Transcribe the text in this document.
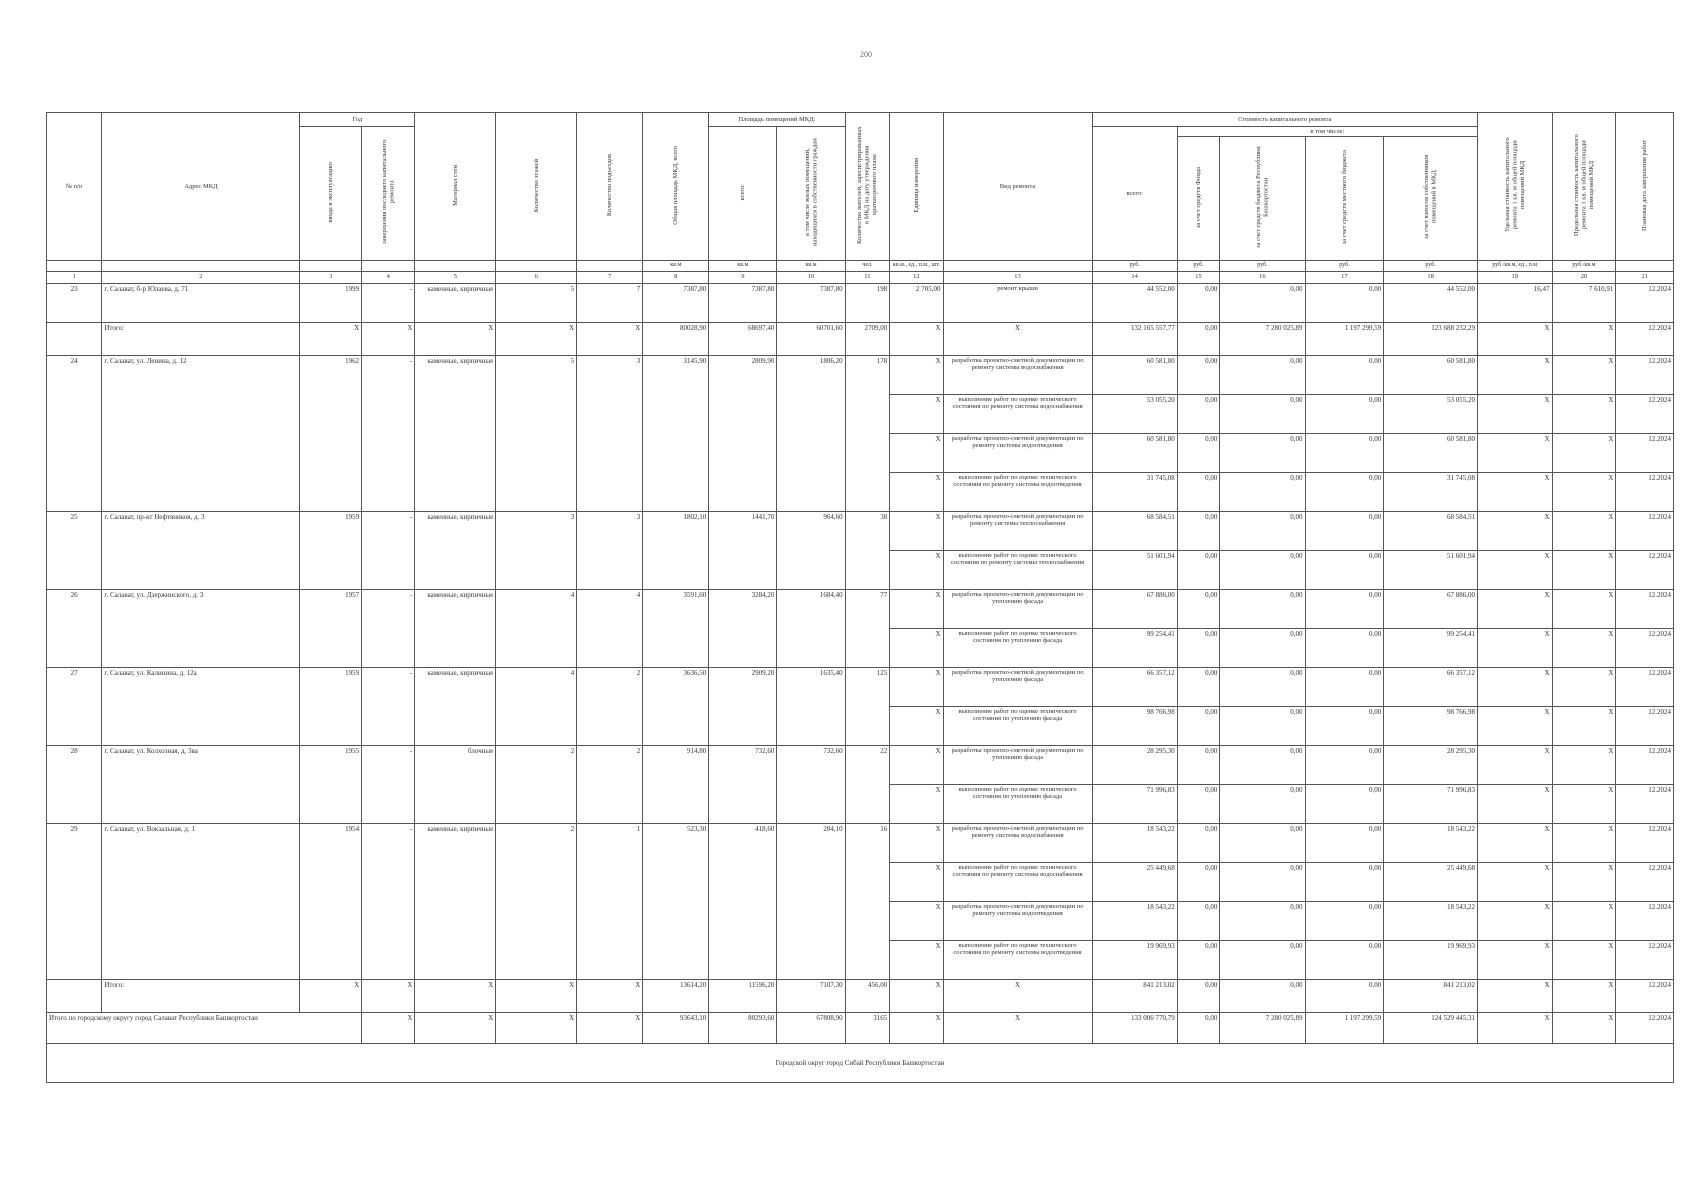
200
№ п/п	Адрес МКД	Год		Материал стен	Количество этажей	Количество подъездов	Общая площадь МКД, всего	Площадь помещений МКД:		Количество жителей, зарегистрированных в МКД на дату утверждения краткосрочного плана	Единица измерения	Вид ремонта	Стоимость капитального ремонта					Удельная стоимость капитального ремонта 1 кв. м общей площади помещений МКД	Предельная стоимость капитального ремонта 1 кв. м общей площади помещений МКД	Плановая дата завершения работ
		ввода в эксплуатацию	завершения последнего капитального ремонта					всего:	в том числе жилых помещений, находящихся в собственности граждан				всего:	в том числе:						
														за счет средств Фонда	за счет средств бюджета Республики Башкортостан	за счет средств местного бюджета	за счет взносов собственников помещений в МКД			
							кв.м	кв.м	кв.м	чел.	кв.м., ед., п.м., шт.		руб.	руб.	руб.	руб.	руб.	руб./кв.м, ед., п.м	руб./кв.м	
1	2	3	4	5	6	7	8	9	10	11	12	13	14	15	16	17	18	19	20	21
23	г. Салават, б-р Юлаева, д. 71	1999	-	каменные, кирпичные	5	7	7387,80	7387,80	7387,80	198	2 705,00	ремонт крыши	44 552,00	0,00	0,00	0,00	44 552,00	16,47	7 610,91	12.2024
	Итого:	X	X	X	X	X	80028,90	68697,40	60701,60	2709,00	X	X	132 165 557,77	0,00	7 280 025,89	1 197 299,59	123 688 232,29	X	X	12.2024
24	г. Салават, ул. Ленина, д. 12	1962	-	каменные, кирпичные	5	3	3145,90	2809,90	1806,20	178	X	разработка проектно-сметной документации по ремонту системы водоснабжения	60 581,80	0,00	0,00	0,00	60 581,80	X	X	12.2024
											X	выполнение работ по оценке технического состояния по ремонту системы водоснабжения	53 055,20	0,00	0,00	0,00	53 055,20	X	X	12.2024
											X	разработка проектно-сметной документации по ремонту системы водоотведения	60 581,80	0,00	0,00	0,00	60 581,80	X	X	12.2024
											X	выполнение работ по оценке технического состояния по ремонту системы водоотведения	31 745,08	0,00	0,00	0,00	31 745,08	X	X	12.2024
25	г. Салават, пр-кт Нефтяников, д. 3	1959	-	каменные, кирпичные	3	3	1802,10	1441,70	964,60	38	X	разработка проектно-сметной документации по ремонту системы теплоснабжения	68 584,51	0,00	0,00	0,00	68 584,51	X	X	12.2024
											X	выполнение работ по оценке технического состояния по ремонту системы теплоснабжения	51 601,94	0,00	0,00	0,00	51 601,94	X	X	12.2024
26	г. Салават, ул. Дзержинского, д. 3	1957	-	каменные, кирпичные	4	4	3591,60	3284,20	1684,40	77	X	разработка проектно-сметной документации по утеплению фасада	67 886,00	0,00	0,00	0,00	67 886,00	X	X	12.2024
											X	выполнение работ по оценке технического состояния по утеплению фасада	99 254,41	0,00	0,00	0,00	99 254,41	X	X	12.2024
27	г. Салават, ул. Калинина, д. 12а	1959	-	каменные, кирпичные	4	2	3636,50	2909,20	1635,40	125	X	разработка проектно-сметной документации по утеплению фасада	66 357,12	0,00	0,00	0,00	66 357,12	X	X	12.2024
											X	выполнение работ по оценке технического состояния по утеплению фасада	98 766,98	0,00	0,00	0,00	98 766,98	X	X	12.2024
28	г. Салават, ул. Колхозная, д. 3ва	1955	-	блочные	2	2	914,80	732,60	732,60	22	X	разработка проектно-сметной документации по утеплению фасада	28 295,30	0,00	0,00	0,00	28 295,30	X	X	12.2024
											X	выполнение работ по оценке технического состояния по утеплению фасада	71 996,83	0,00	0,00	0,00	71 996,83	X	X	12.2024
29	г. Салават, ул. Вокзальная, д. 1	1954	-	каменные, кирпичные	2	1	523,30	418,60	284,10	16	X	разработка проектно-сметной документации по ремонту системы водоснабжения	18 543,22	0,00	0,00	0,00	18 543,22	X	X	12.2024
											X	выполнение работ по оценке технического состояния по ремонту системы водоснабжения	25 449,68	0,00	0,00	0,00	25 449,68	X	X	12.2024
											X	разработка проектно-сметной документации по ремонту системы водоотведения	18 543,22	0,00	0,00	0,00	18 543,22	X	X	12.2024
											X	выполнение работ по оценке технического состояния по ремонту системы водоотведения	19 969,93	0,00	0,00	0,00	19 969,93	X	X	12.2024
	Итого:	X	X	X	X	X	13614,20	11596,20	7107,30	456,00	X	X	841 213,02	0,00	0,00	0,00	841 213,02	X	X	12.2024
Итого по городскому округу город Салават Республики Башкортостан			X	X	X	X	93643,10	80293,60	67808,90	3165	X	X	133 006 770,79	0,00	7 280 025,89	1 197 299,59	124 529 445,31	X	X	12.2024
Городской округ город Сибай Республики Башкортостан																				
